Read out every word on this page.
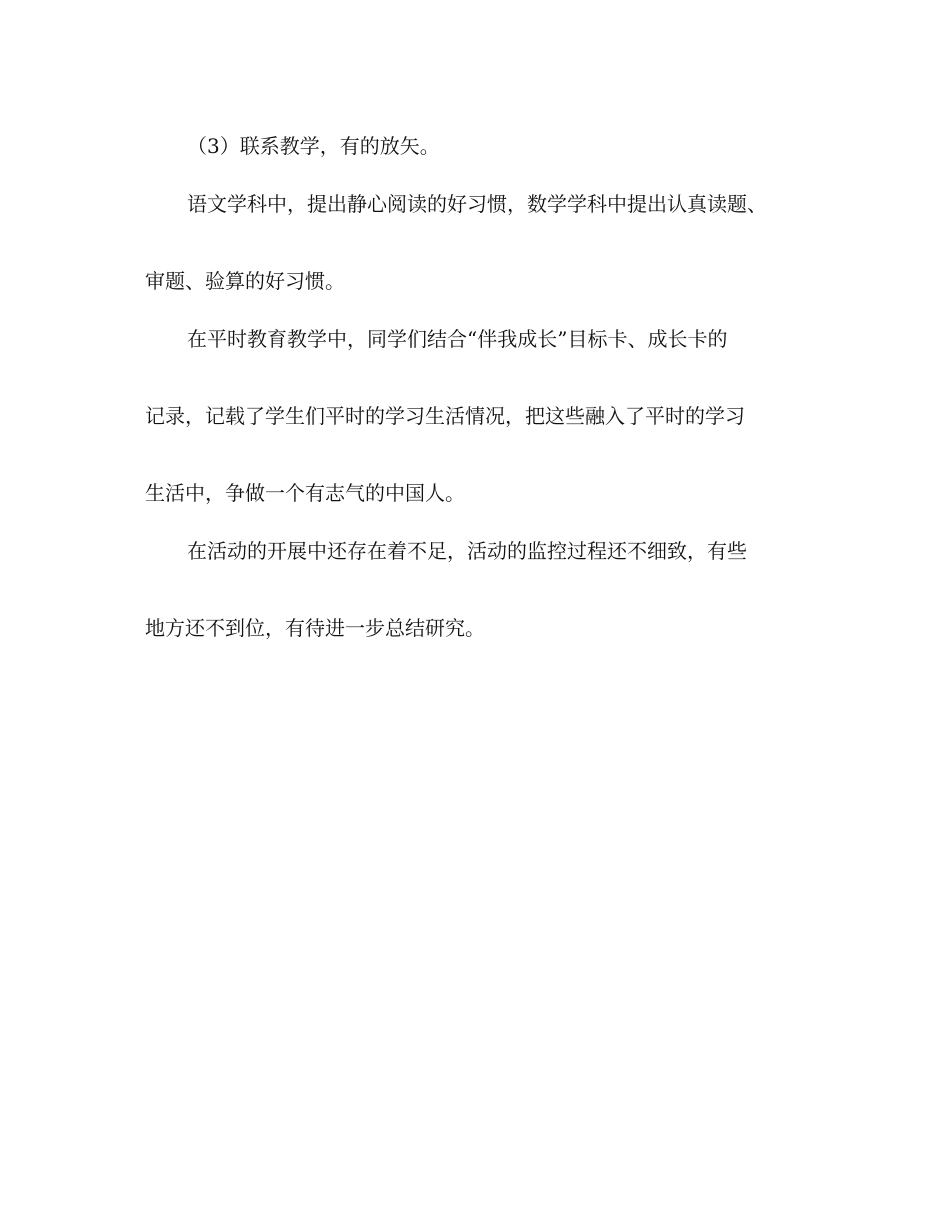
（3）联系教学，有的放矢。
语文学科中，提出静心阅读的好习惯，数学学科中提出认真读题、
审题、验算的好习惯。
在平时教育教学中，同学们结合“伴我成长”目标卡、成长卡的
记录，记载了学生们平时的学习生活情况，把这些融入了平时的学习
生活中，争做一个有志气的中国人。
在活动的开展中还存在着不足，活动的监控过程还不细致，有些
地方还不到位，有待进一步总结研究。
